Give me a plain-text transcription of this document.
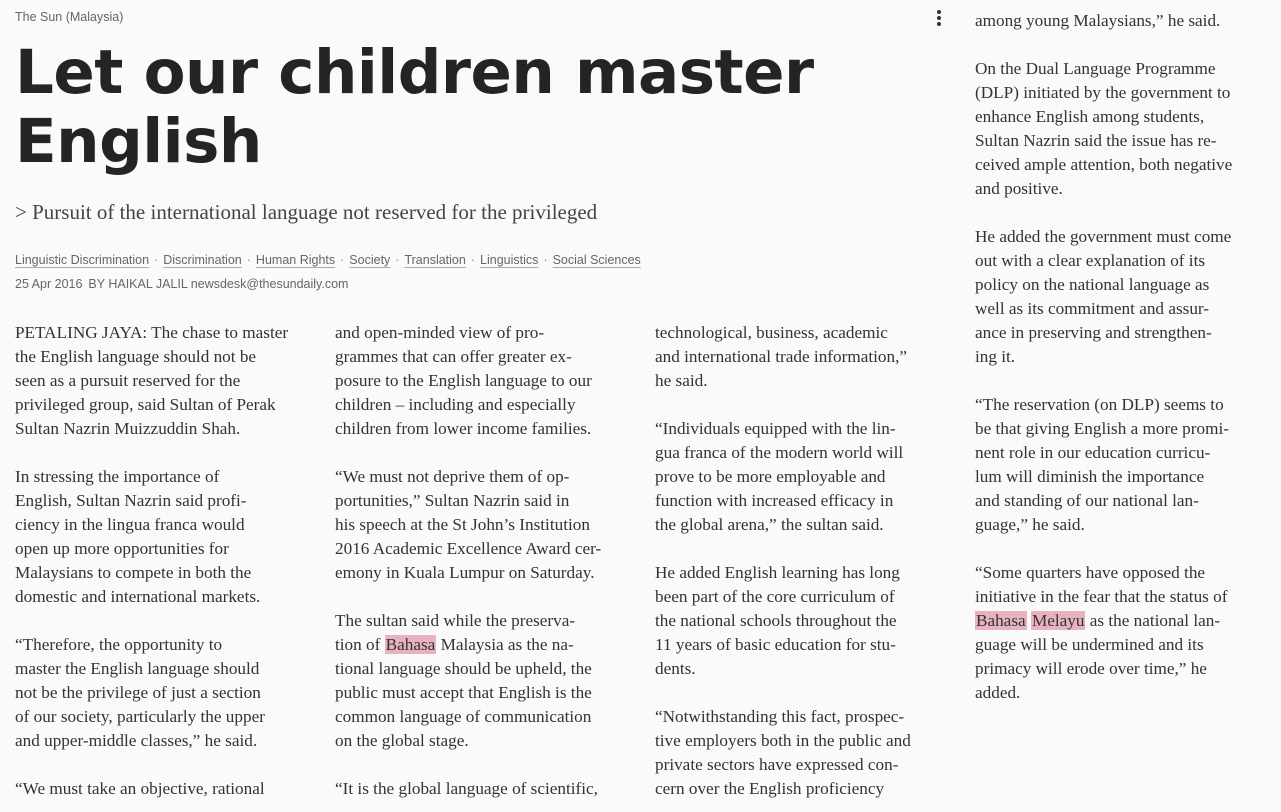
The Sun (Malaysia)
Let our children master
English
> Pursuit of the international language not reserved for the privileged
Linguistic Discrimination · Discrimination · Human Rights · Society · Translation · Linguistics · Social Sciences
25 Apr 2016 BY HAIKAL JALIL newsdesk@thesundaily.com

PETALING JAYA: The chase to master
the English language should not be
seen as a pursuit reserved for the
privileged group, said Sultan of Perak
Sultan Nazrin Muizzuddin Shah.

In stressing the importance of
English, Sultan Nazrin said profi-
ciency in the lingua franca would
open up more opportunities for
Malaysians to compete in both the
domestic and international markets.

“Therefore, the opportunity to
master the English language should
not be the privilege of just a section
of our society, particularly the upper
and upper-middle classes,” he said.

“We must take an objective, rational

and open-minded view of pro-
grammes that can offer greater ex-
posure to the English language to our
children – including and especially
children from lower income families.

“We must not deprive them of op-
portunities,” Sultan Nazrin said in
his speech at the St John’s Institution
2016 Academic Excellence Award cer-
emony in Kuala Lumpur on Saturday.

The sultan said while the preserva-
tion of Bahasa Malaysia as the na-
tional language should be upheld, the
public must accept that English is the
common language of communication
on the global stage.

“It is the global language of scientific,

technological, business, academic
and international trade information,”
he said.

“Individuals equipped with the lin-
gua franca of the modern world will
prove to be more employable and
function with increased efficacy in
the global arena,” the sultan said.

He added English learning has long
been part of the core curriculum of
the national schools throughout the
11 years of basic education for stu-
dents.

“Notwithstanding this fact, prospec-
tive employers both in the public and
private sectors have expressed con-
cern over the English proficiency

among young Malaysians,” he said.

On the Dual Language Programme
(DLP) initiated by the government to
enhance English among students,
Sultan Nazrin said the issue has re-
ceived ample attention, both negative
and positive.

He added the government must come
out with a clear explanation of its
policy on the national language as
well as its commitment and assur-
ance in preserving and strengthen-
ing it.

“The reservation (on DLP) seems to
be that giving English a more promi-
nent role in our education curricu-
lum will diminish the importance
and standing of our national lan-
guage,” he said.

“Some quarters have opposed the
initiative in the fear that the status of
Bahasa Melayu as the national lan-
guage will be undermined and its
primacy will erode over time,” he
added.
